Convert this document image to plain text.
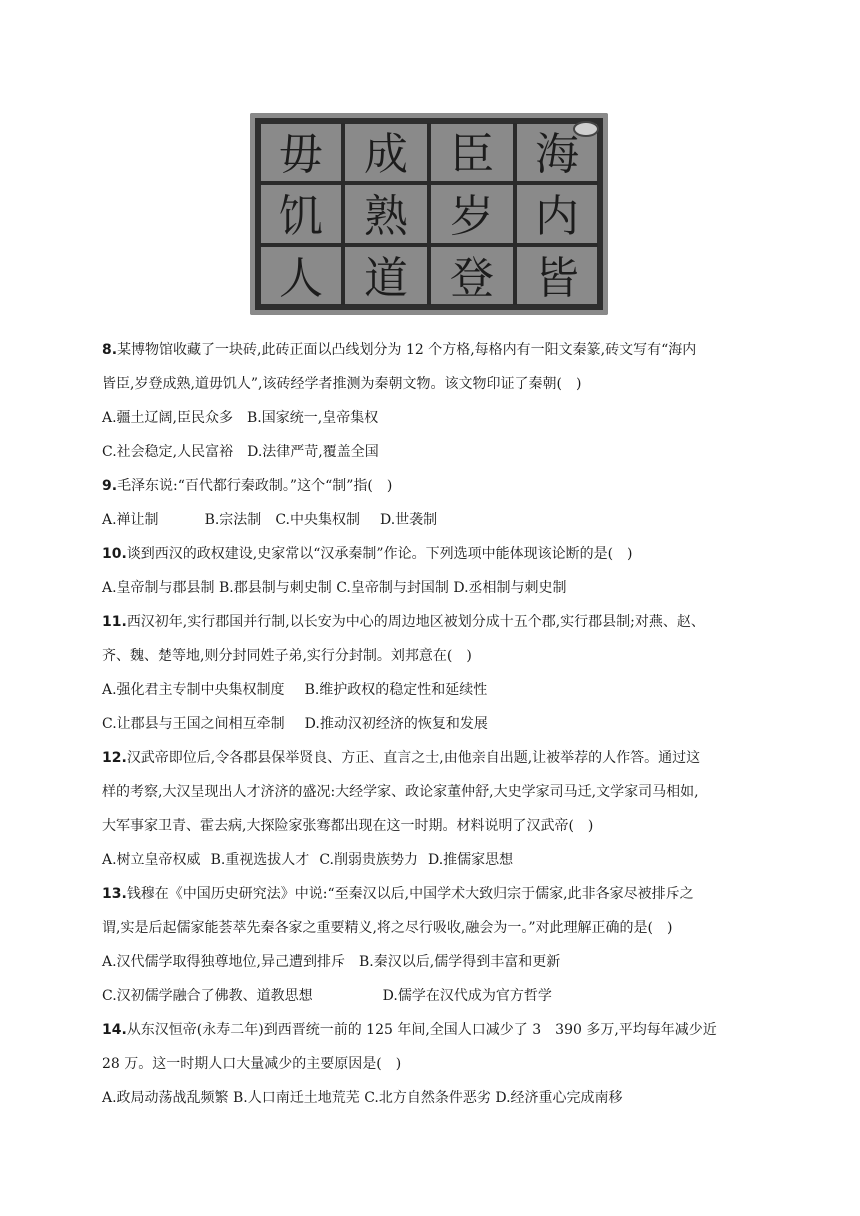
海
内
皆
臣
岁
登
成
熟
道
毋
饥
人
8.某博物馆收藏了一块砖,此砖正面以凸线划分为 12 个方格,每格内有一阳文秦篆,砖文写有“海内
皆臣,岁登成熟,道毋饥人”,该砖经学者推测为秦朝文物。该文物印证了秦朝(　)
A.疆土辽阔,臣民众多 B.国家统一,皇帝集权
C.社会稳定,人民富裕 D.法律严苛,覆盖全国
9.毛泽东说:“百代都行秦政制。”这个“制”指(　)
A.禅让制	B.宗法制 C.中央集权制 D.世袭制
10.谈到西汉的政权建设,史家常以“汉承秦制”作论。下列选项中能体现该论断的是(　)
A.皇帝制与郡县制 B.郡县制与刺史制 C.皇帝制与封国制 D.丞相制与刺史制
11.西汉初年,实行郡国并行制,以长安为中心的周边地区被划分成十五个郡,实行郡县制;对燕、赵、
齐、魏、楚等地,则分封同姓子弟,实行分封制。刘邦意在(　)
A.强化君主专制中央集权制度 B.维护政权的稳定性和延续性
C.让郡县与王国之间相互牵制 D.推动汉初经济的恢复和发展
12.汉武帝即位后,令各郡县保举贤良、方正、直言之士,由他亲自出题,让被举荐的人作答。通过这
样的考察,大汉呈现出人才济济的盛况:大经学家、政论家董仲舒,大史学家司马迁,文学家司马相如,
大军事家卫青、霍去病,大探险家张骞都出现在这一时期。材料说明了汉武帝(　)
A.树立皇帝权威 B.重视选拔人才 C.削弱贵族势力 D.推儒家思想
13.钱穆在《中国历史研究法》中说:“至秦汉以后,中国学术大致归宗于儒家,此非各家尽被排斥之
谓,实是后起儒家能荟萃先秦各家之重要精义,将之尽行吸收,融会为一。”对此理解正确的是(　)
A.汉代儒学取得独尊地位,异己遭到排斥 B.秦汉以后,儒学得到丰富和更新
C.汉初儒学融合了佛教、道教思想	D.儒学在汉代成为官方哲学
14.从东汉恒帝(永寿二年)到西晋统一前的 125 年间,全国人口减少了 3　390 多万,平均每年减少近
28 万。这一时期人口大量减少的主要原因是(　)
A.政局动荡战乱频繁 B.人口南迁土地荒芜 C.北方自然条件恶劣 D.经济重心完成南移
